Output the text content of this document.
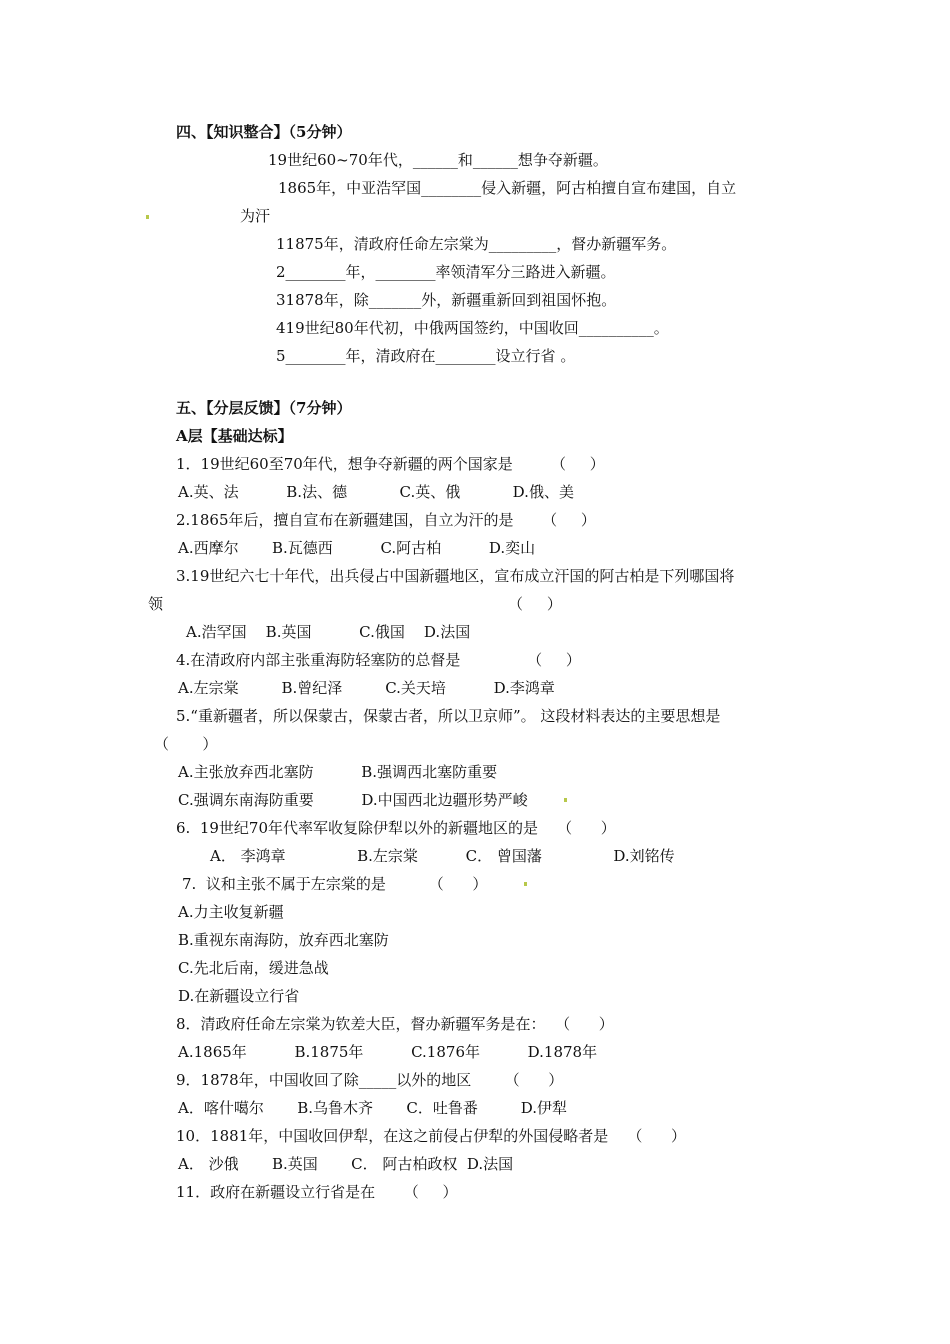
四、【知识整合】（5分钟）
19世纪60~70年代，______和______想争夺新疆。
1865年，中亚浩罕国________侵入新疆，阿古柏擅自宣布建国，自立
为汗
11875年，清政府任命左宗棠为_________，督办新疆军务。
2________年，________率领清军分三路进入新疆。
31878年，除_______外，新疆重新回到祖国怀抱。
419世纪80年代初，中俄两国签约，中国收回__________。
5________年，清政府在________设立行省 。
五、【分层反馈】（7分钟）
A层【基础达标】
1．19世纪60至70年代，想争夺新疆的两个国家是        （     ）
A.英、法          B.法、德           C.英、俄           D.俄、美
2.1865年后，擅自宣布在新疆建国，自立为汗的是      （     ）
A.西摩尔       B.瓦德西          C.阿古柏          D.奕山
3.19世纪六七十年代，出兵侵占中国新疆地区，宣布成立汗国的阿古柏是下列哪国将
领	（     ）
A.浩罕国    B.英国          C.俄国    D.法国
4.在清政府内部主张重海防轻塞防的总督是              （     ）
A.左宗棠         B.曾纪泽         C.关天培          D.李鸿章
5.“重新疆者，所以保蒙古，保蒙古者，所以卫京师”。 这段材料表达的主要思想是
（       ）
A.主张放弃西北塞防          B.强调西北塞防重要
C.强调东南海防重要          D.中国西北边疆形势严峻
6.  19世纪70年代率军收复除伊犁以外的新疆地区的是    （      ）
A． 李鸿章               B.左宗棠          C． 曾国藩               D.刘铭传
7.  议和主张不属于左宗棠的是         （      ）
A.力主收复新疆
B.重视东南海防，放弃西北塞防
C.先北后南，缓进急战
D.在新疆设立行省
8．清政府任命左宗棠为钦差大臣，督办新疆军务是在：  （      ）
A.1865年          B.1875年          C.1876年          D.1878年
9．1878年，中国收回了除_____以外的地区       （      ）
A．喀什噶尔       B.乌鲁木齐       C．吐鲁番         D.伊犁
10．1881年，中国收回伊犁，在这之前侵占伊犁的外国侵略者是    （      ）
A． 沙俄       B.英国       C． 阿古柏政权  D.法国
11．政府在新疆设立行省是在      （     ）
